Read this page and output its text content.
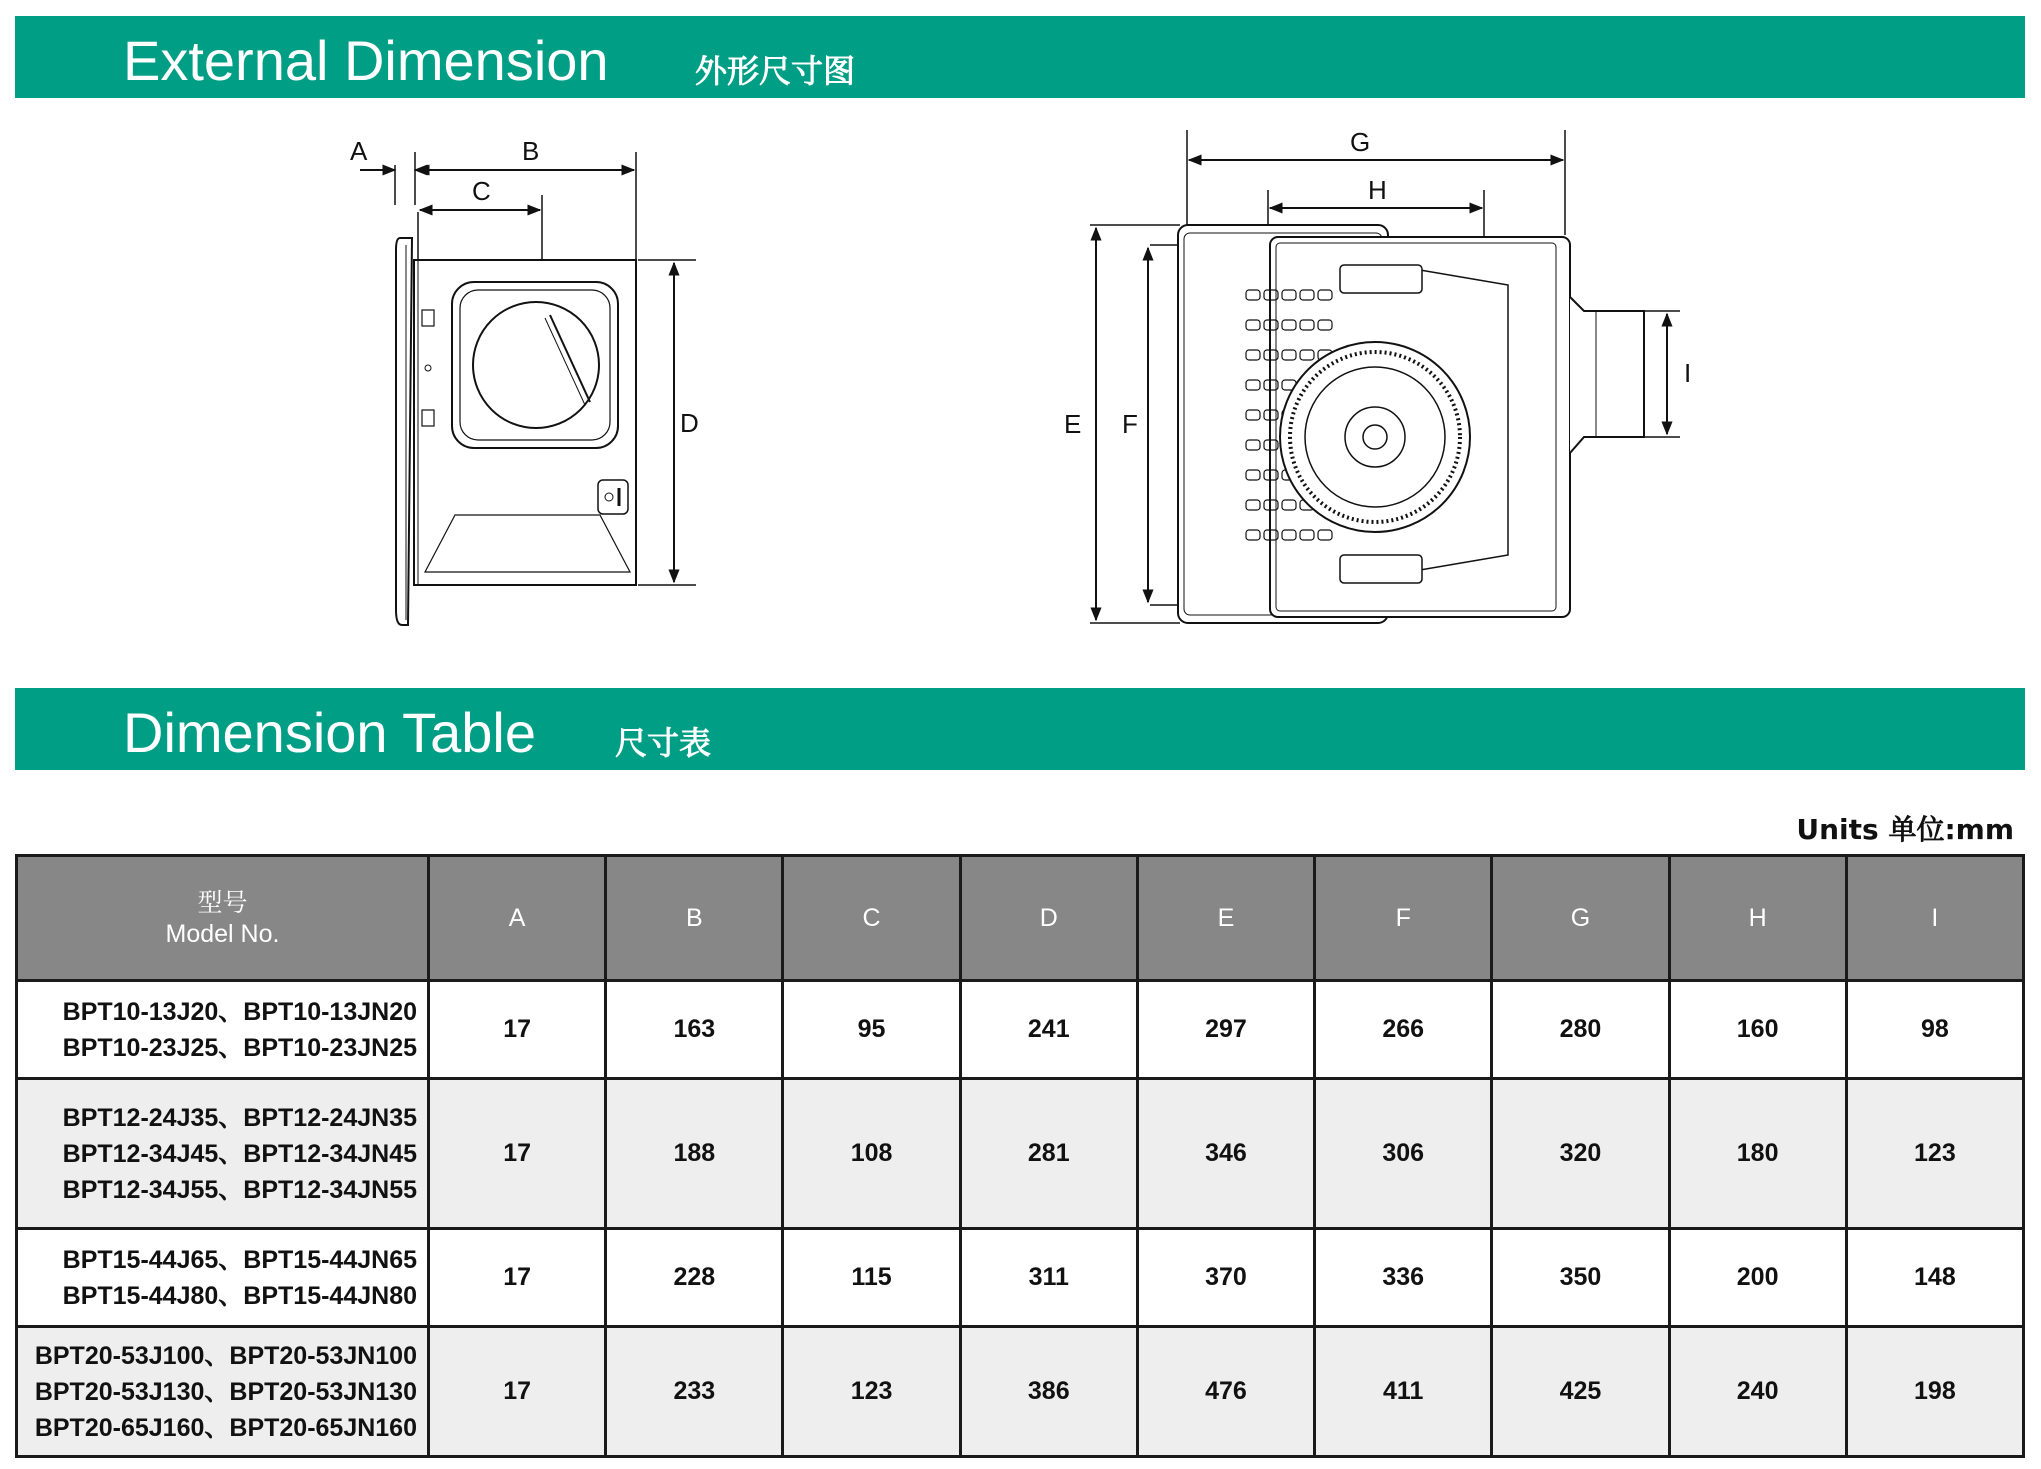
External Dimension	外形尺寸图
A	B
C
D
G
H
E F
I
Dimension Table 尺寸表
Units 单位:mm
型号
Model No.	A	B	C	D	E	F	G	H	I

BPT10-13J20、BPT10-13JN20
BPT10-23J25、BPT10-23JN25	17	163	95	241	297	266	280	160	98

BPT12-24J35、BPT12-24JN35
BPT12-34J45、BPT12-34JN45
BPT12-34J55、BPT12-34JN55	17	188	108	281	346	306	320	180	123

BPT15-44J65、BPT15-44JN65
BPT15-44J80、BPT15-44JN80	17	228	115	311	370	336	350	200	148

BPT20-53J100、BPT20-53JN100
BPT20-53J130、BPT20-53JN130
BPT20-65J160、BPT20-65JN160	17	233	123	386	476	411	425	240	198
